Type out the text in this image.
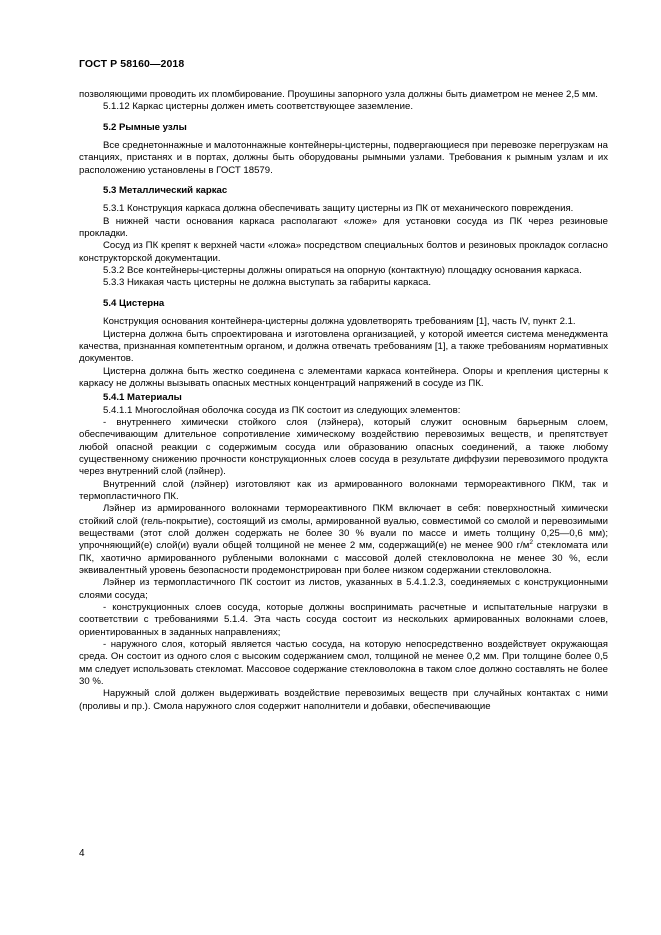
ГОСТ Р 58160—2018

позволяющими проводить их пломбирование. Проушины запорного узла должны быть диаметром не менее 2,5 мм.

5.1.12 Каркас цистерны должен иметь соответствующее заземление.

5.2 Рымные узлы

Все среднетоннажные и малотоннажные контейнеры-цистерны, подвергающиеся при перевозке перегрузкам на станциях, пристанях и в портах, должны быть оборудованы рымными узлами. Требования к рымным узлам и их расположению установлены в ГОСТ 18579.

5.3 Металлический каркас

5.3.1 Конструкция каркаса должна обеспечивать защиту цистерны из ПК от механического повреждения.

В нижней части основания каркаса располагают «ложе» для установки сосуда из ПК через резиновые прокладки.

Сосуд из ПК крепят к верхней части «ложа» посредством специальных болтов и резиновых прокладок согласно конструкторской документации.

5.3.2 Все контейнеры-цистерны должны опираться на опорную (контактную) площадку основания каркаса.

5.3.3 Никакая часть цистерны не должна выступать за габариты каркаса.

5.4 Цистерна

Конструкция основания контейнера-цистерны должна удовлетворять требованиям [1], часть IV, пункт 2.1.

Цистерна должна быть спроектирована и изготовлена организацией, у которой имеется система менеджмента качества, признанная компетентным органом, и должна отвечать требованиям [1], а также требованиям нормативных документов.

Цистерна должна быть жестко соединена с элементами каркаса контейнера. Опоры и крепления цистерны к каркасу не должны вызывать опасных местных концентраций напряжений в сосуде из ПК.

5.4.1 Материалы

5.4.1.1 Многослойная оболочка сосуда из ПК состоит из следующих элементов:

- внутреннего химически стойкого слоя (лэйнера), который служит основным барьерным слоем, обеспечивающим длительное сопротивление химическому воздействию перевозимых веществ, и препятствует любой опасной реакции с содержимым сосуда или образованию опасных соединений, а также любому существенному снижению прочности конструкционных слоев сосуда в результате диффузии перевозимого продукта через внутренний слой (лэйнер).

Внутренний слой (лэйнер) изготовляют как из армированного волокнами термореактивного ПКМ, так и термопластичного ПК.

Лэйнер из армированного волокнами термореактивного ПКМ включает в себя: поверхностный химически стойкий слой (гель-покрытие), состоящий из смолы, армированной вуалью, совместимой со смолой и перевозимыми веществами (этот слой должен содержать не более 30 % вуали по массе и иметь толщину 0,25—0,6 мм); упрочняющий(е) слой(и) вуали общей толщиной не менее 2 мм, содержащий(е) не менее 900 $г/м^2$ стекломата или ПК, хаотично армированного рублеными волокнами с массовой долей стекловолокна не менее 30 %, если эквивалентный уровень безопасности продемонстрирован при более низком содержании стекловолокна.

Лэйнер из термопластичного ПК состоит из листов, указанных в 5.4.1.2.3, соединяемых с конструкционными слоями сосуда;

- конструкционных слоев сосуда, которые должны воспринимать расчетные и испытательные нагрузки в соответствии с требованиями 5.1.4. Эта часть сосуда состоит из нескольких армированных волокнами слоев, ориентированных в заданных направлениях;

- наружного слоя, который является частью сосуда, на которую непосредственно воздействует окружающая среда. Он состоит из одного слоя с высоким содержанием смол, толщиной не менее 0,2 мм. При толщине более 0,5 мм следует использовать стекломат. Массовое содержание стекловолокна в таком слое должно составлять не более 30 %.

Наружный слой должен выдерживать воздействие перевозимых веществ при случайных контактах с ними (проливы и пр.). Смола наружного слоя содержит наполнители и добавки, обеспечивающие

4
